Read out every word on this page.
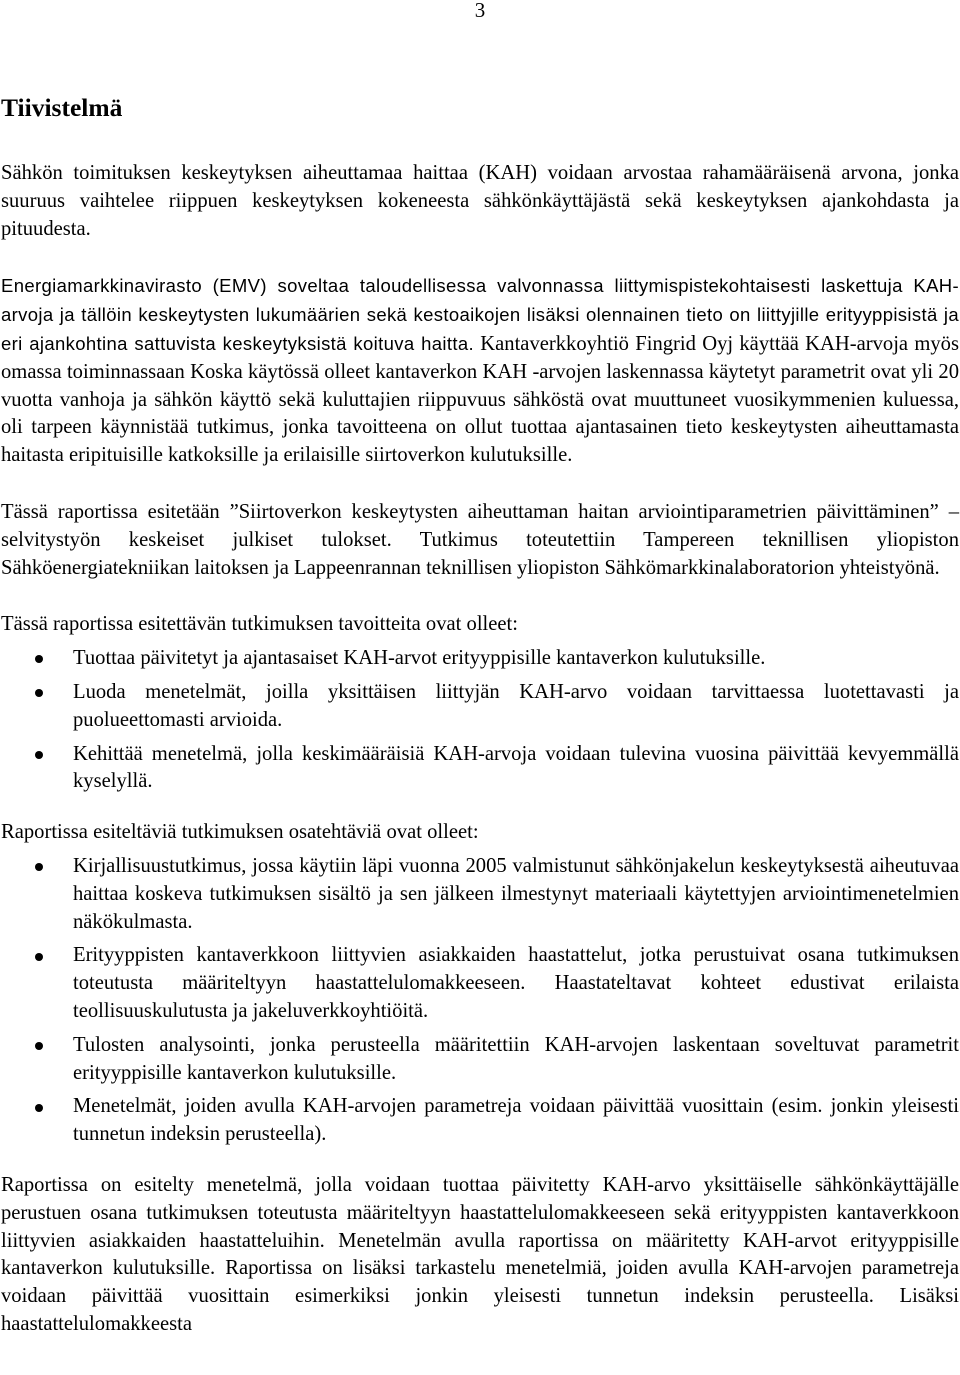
3
Tiivistelmä

Sähkön toimituksen keskeytyksen aiheuttamaa haittaa (KAH) voidaan arvostaa rahamääräisenä arvona, jonka suuruus vaihtelee riippuen keskeytyksen kokeneesta sähkönkäyttäjästä sekä keskeytyksen ajankohdasta ja pituudesta.

Energiamarkkinavirasto (EMV) soveltaa taloudellisessa valvonnassa liittymispistekohtaisesti laskettuja KAH-arvoja ja tällöin keskeytysten lukumäärien sekä kestoaikojen lisäksi olennainen tieto on liittyjille erityyppisistä ja eri ajankohtina sattuvista keskeytyksistä koituva haitta. Kantaverkkoyhtiö Fingrid Oyj käyttää KAH-arvoja myös omassa toiminnassaan Koska käytössä olleet kantaverkon KAH -arvojen laskennassa käytetyt parametrit ovat yli 20 vuotta vanhoja ja sähkön käyttö sekä kuluttajien riippuvuus sähköstä ovat muuttuneet vuosikymmenien kuluessa, oli tarpeen käynnistää tutkimus, jonka tavoitteena on ollut tuottaa ajantasainen tieto keskeytysten aiheuttamasta haitasta eripituisille katkoksille ja erilaisille siirtoverkon kulutuksille.

Tässä raportissa esitetään ”Siirtoverkon keskeytysten aiheuttaman haitan arviointiparametrien päivittäminen” –selvitystyön keskeiset julkiset tulokset. Tutkimus toteutettiin Tampereen teknillisen yliopiston Sähköenergiatekniikan laitoksen ja Lappeenrannan teknillisen yliopiston Sähkömarkkinalaboratorion yhteistyönä.

Tässä raportissa esitettävän tutkimuksen tavoitteita ovat olleet:

Tuottaa päivitetyt ja ajantasaiset KAH-arvot erityyppisille kantaverkon kulutuksille.
Luoda menetelmät, joilla yksittäisen liittyjän KAH-arvo voidaan tarvittaessa luotettavasti ja puolueettomasti arvioida.
Kehittää menetelmä, jolla keskimääräisiä KAH-arvoja voidaan tulevina vuosina päivittää kevyemmällä kyselyllä.

Raportissa esiteltäviä tutkimuksen osatehtäviä ovat olleet:

Kirjallisuustutkimus, jossa käytiin läpi vuonna 2005 valmistunut sähkönjakelun keskeytyksestä aiheutuvaa haittaa koskeva tutkimuksen sisältö ja sen jälkeen ilmestynyt materiaali käytettyjen arviointimenetelmien näkökulmasta.
Erityyppisten kantaverkkoon liittyvien asiakkaiden haastattelut, jotka perustuivat osana tutkimuksen toteutusta määriteltyyn haastattelulomakkeeseen. Haastateltavat kohteet edustivat erilaista teollisuuskulutusta ja jakeluverkkoyhtiöitä.
Tulosten analysointi, jonka perusteella määritettiin KAH-arvojen laskentaan soveltuvat parametrit erityyppisille kantaverkon kulutuksille.
Menetelmät, joiden avulla KAH-arvojen parametreja voidaan päivittää vuosittain (esim. jonkin yleisesti tunnetun indeksin perusteella).

Raportissa on esitelty menetelmä, jolla voidaan tuottaa päivitetty KAH-arvo yksittäiselle sähkönkäyttäjälle perustuen osana tutkimuksen toteutusta määriteltyyn haastattelulomakkeeseen sekä erityyppisten kantaverkkoon liittyvien asiakkaiden haastatteluihin. Menetelmän avulla raportissa on määritetty KAH-arvot erityyppisille kantaverkon kulutuksille. Raportissa on lisäksi tarkastelu menetelmiä, joiden avulla KAH-arvojen parametreja voidaan päivittää vuosittain esimerkiksi jonkin yleisesti tunnetun indeksin perusteella. Lisäksi haastattelulomakkeesta
